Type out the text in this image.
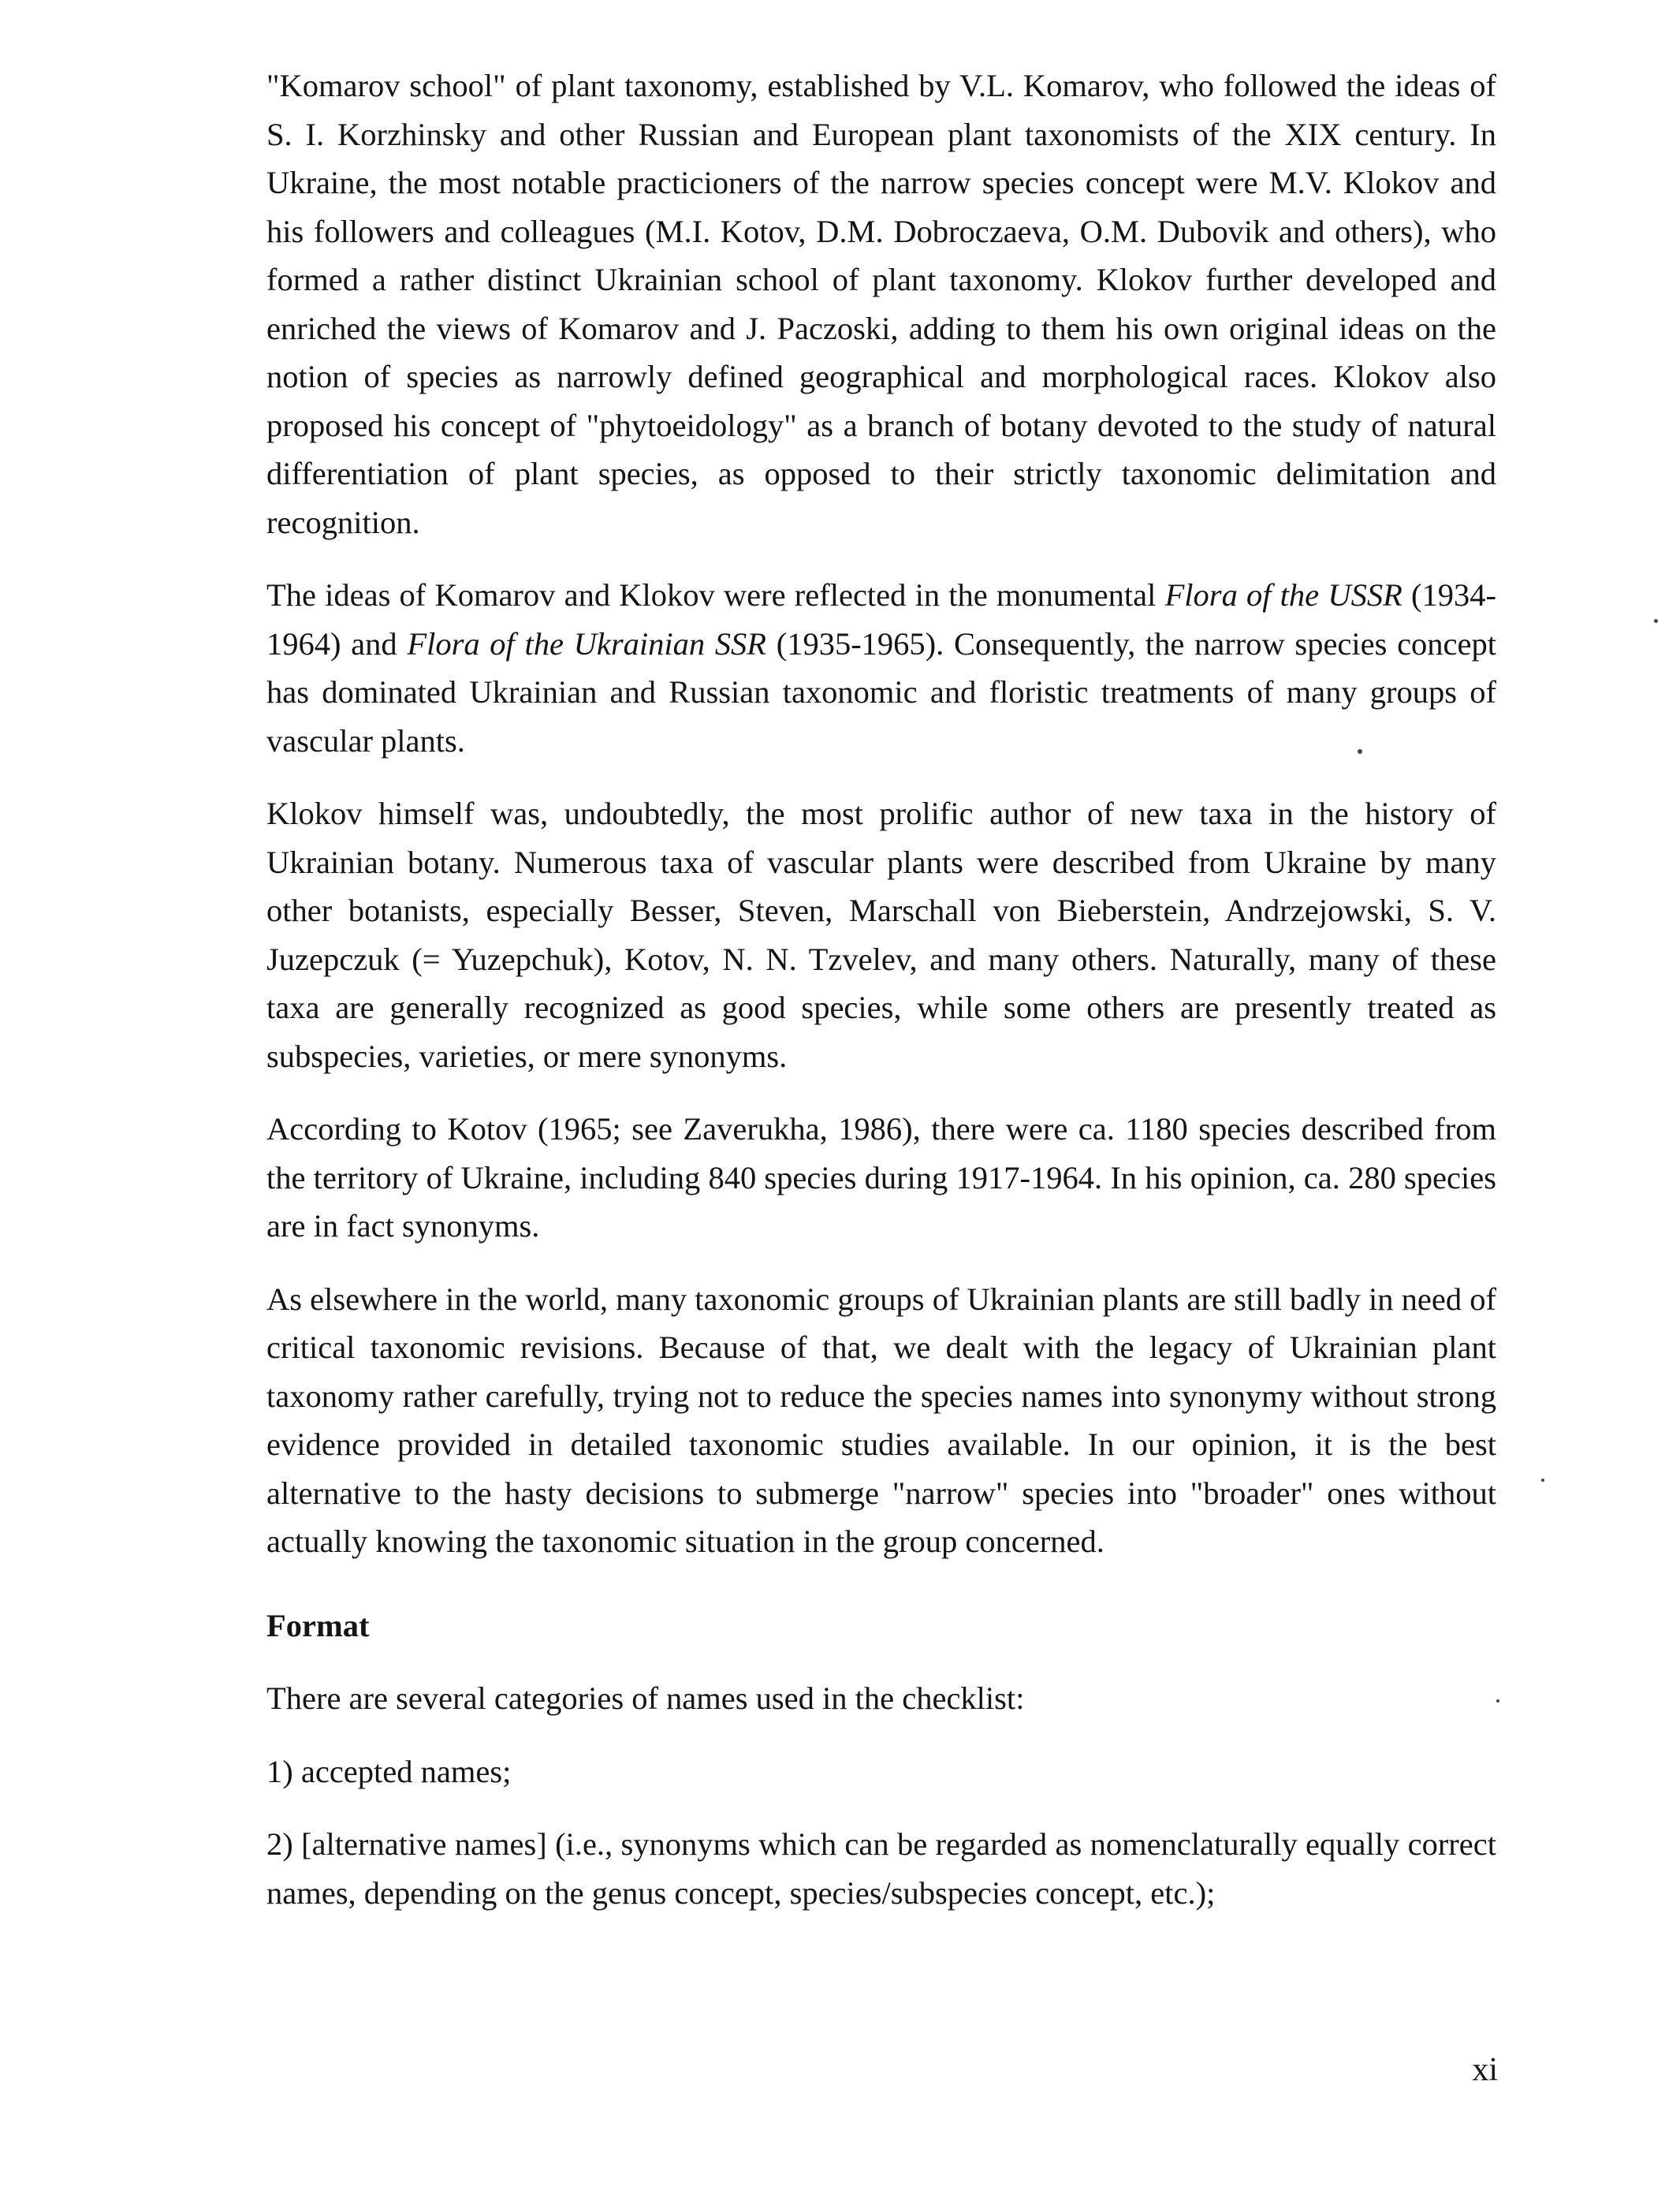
"Komarov school" of plant taxonomy, established by V.L. Komarov, who followed the ideas of S. I. Korzhinsky and other Russian and European plant taxonomists of the XIX century. In Ukraine, the most notable practicioners of the narrow species concept were M.V. Klokov and his followers and colleagues (M.I. Kotov, D.M. Dobroczaeva, O.M. Dubovik and others), who formed a rather distinct Ukrainian school of plant taxonomy. Klokov further developed and enriched the views of Komarov and J. Paczoski, adding to them his own original ideas on the notion of species as narrowly defined geographical and morphological races. Klokov also proposed his concept of "phytoeidology" as a branch of botany devoted to the study of natural differentiation of plant species, as opposed to their strictly taxonomic delimitation and recognition.

The ideas of Komarov and Klokov were reflected in the monumental Flora of the USSR (1934-1964) and Flora of the Ukrainian SSR (1935-1965). Consequently, the narrow species concept has dominated Ukrainian and Russian taxonomic and floristic treatments of many groups of vascular plants.

Klokov himself was, undoubtedly, the most prolific author of new taxa in the history of Ukrainian botany. Numerous taxa of vascular plants were described from Ukraine by many other botanists, especially Besser, Steven, Marschall von Bieberstein, Andrzejowski, S. V. Juzepczuk (= Yuzepchuk), Kotov, N. N. Tzvelev, and many others. Naturally, many of these taxa are generally recognized as good species, while some others are presently treated as subspecies, varieties, or mere synonyms.

According to Kotov (1965; see Zaverukha, 1986), there were ca. 1180 species described from the territory of Ukraine, including 840 species during 1917-1964. In his opinion, ca. 280 species are in fact synonyms.

As elsewhere in the world, many taxonomic groups of Ukrainian plants are still badly in need of critical taxonomic revisions. Because of that, we dealt with the legacy of Ukrainian plant taxonomy rather carefully, trying not to reduce the species names into synonymy without strong evidence provided in detailed taxonomic studies available. In our opinion, it is the best alternative to the hasty decisions to submerge "narrow" species into "broader" ones without actually knowing the taxonomic situation in the group concerned.

Format

There are several categories of names used in the checklist:

1) accepted names;

2) [alternative names] (i.e., synonyms which can be regarded as nomenclaturally equally correct names, depending on the genus concept, species/subspecies concept, etc.);

xi
